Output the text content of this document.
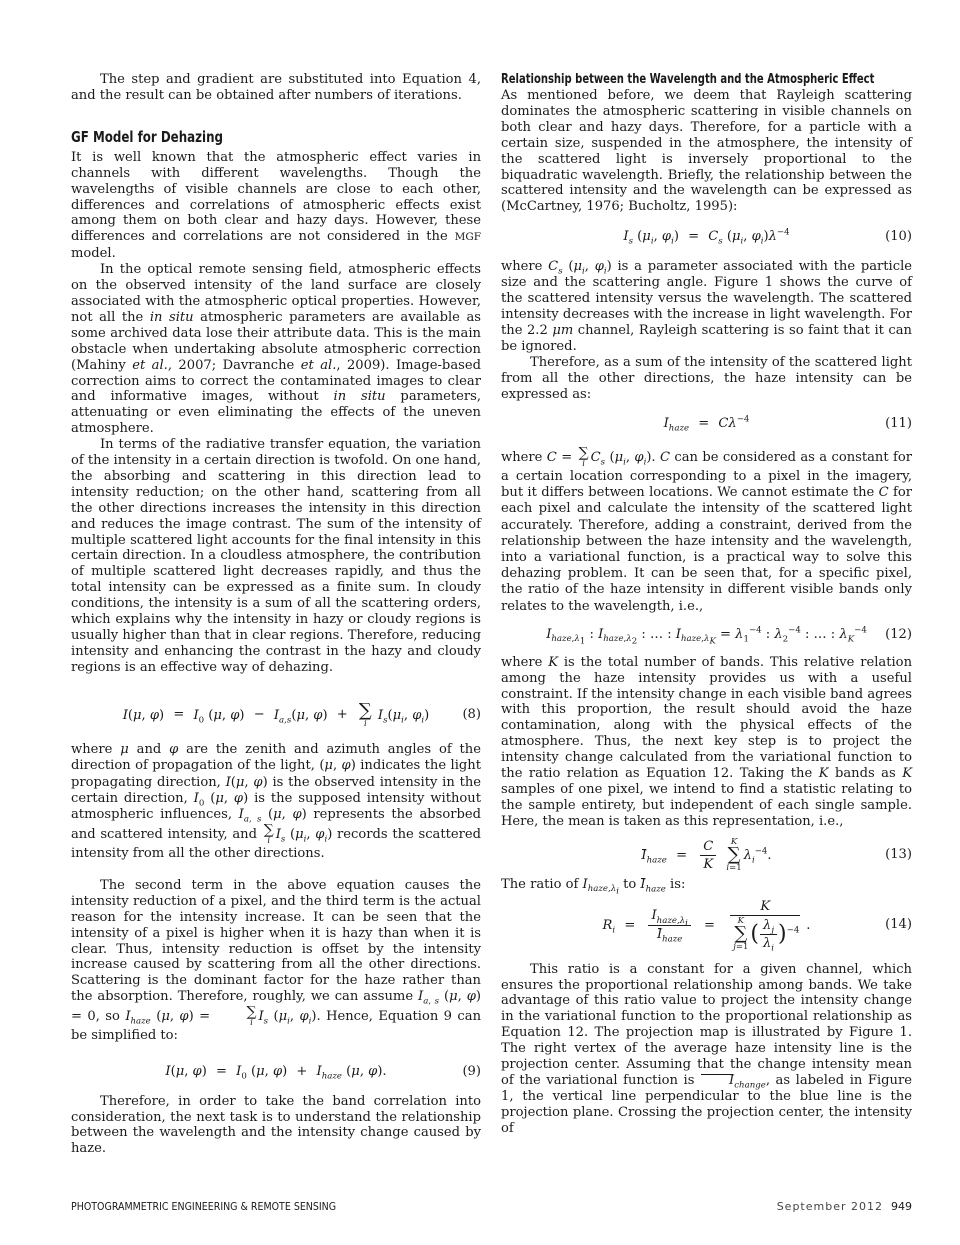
The step and gradient are substituted into Equation 4, and the result can be obtained after numbers of iterations.

GF Model for Dehazing

It is well known that the atmospheric effect varies in channels with different wavelengths. Though the wavelengths of visible channels are close to each other, differences and correlations of atmospheric effects exist among them on both clear and hazy days. However, these differences and correlations are not considered in the MGF model.

In the optical remote sensing field, atmospheric effects on the observed intensity of the land surface are closely associated with the atmospheric optical properties. However, not all the in situ atmospheric parameters are available as some archived data lose their attribute data. This is the main obstacle when undertaking absolute atmospheric correction (Mahiny et al., 2007; Davranche et al., 2009). Image-based correction aims to correct the contaminated images to clear and informative images, without in situ parameters, attenuating or even eliminating the effects of the uneven atmosphere.

In terms of the radiative transfer equation, the variation of the intensity in a certain direction is twofold. On one hand, the absorbing and scattering in this direction lead to intensity reduction; on the other hand, scattering from all the other directions increases the intensity in this direction and reduces the image contrast. The sum of the intensity of multiple scattered light accounts for the final intensity in this certain direction. In a cloudless atmosphere, the contribution of multiple scattered light decreases rapidly, and thus the total intensity can be expressed as a finite sum. In cloudy conditions, the intensity is a sum of all the scattering orders, which explains why the intensity in hazy or cloudy regions is usually higher than that in clear regions. Therefore, reducing intensity and enhancing the contrast in the hazy and cloudy regions is an effective way of dehazing.

I(μ, $\varphi) = I_0$ (μ, $\varphi) - I_{a,s}(\mu$, φ) + ∑
i
$I_s(\mu_i$, $\varphi_i$)	(8)

where μ and φ are the zenith and azimuth angles of the direction of propagation of the light, (μ, φ) indicates the light propagating direction, I(μ, φ) is the observed intensity in the certain direction, $I_0$ (μ, φ) is the supposed intensity without atmospheric influences, $I_{a, s}$ (μ, φ) represents the absorbed and scattered intensity, and ∑
i $I_s$ ($\mu_i$, $\varphi_i$) records the scattered intensity from all the other directions.

The second term in the above equation causes the intensity reduction of a pixel, and the third term is the actual reason for the intensity increase. It can be seen that the intensity of a pixel is higher when it is hazy than when it is clear. Thus, intensity reduction is offset by the intensity increase caused by scattering from all the other directions. Scattering is the dominant factor for the haze rather than the absorption. Therefore, roughly, we can assume $I_{a, s}$ (μ, φ) = 0, so $I_{haze}$ (μ, φ) =	∑
i $I_s$ ($\mu_i$, $\varphi_i$). Hence, Equation 9 can be simplified to:

I(μ, $\varphi) = I_0$ (μ, $\varphi) + I_{haze}$ (μ, φ).	(9)

Therefore, in order to take the band correlation into consideration, the next task is to understand the relationship between the wavelength and the intensity change caused by haze.

Relationship between the Wavelength and the Atmospheric Effect

As mentioned before, we deem that Rayleigh scattering dominates the atmospheric scattering in visible channels on both clear and hazy days. Therefore, for a particle with a certain size, suspended in the atmosphere, the intensity of the scattered light is inversely proportional to the biquadratic wavelength. Briefly, the relationship between the scattered intensity and the wavelength can be expressed as (McCartney, 1976; Bucholtz, 1995):

$I_s$ ($\mu_i$, $\varphi_i) = C_s$ ($\mu_i$, $\varphi_i)\lambda^{-4}$	(10)

where $C_s$ ($\mu_i$, $\varphi_i$) is a parameter associated with the particle size and the scattering angle. Figure 1 shows the curve of the scattered intensity versus the wavelength. The scattered intensity decreases with the increase in light wavelength. For the 2.2 μm channel, Rayleigh scattering is so faint that it can be ignored.

Therefore, as a sum of the intensity of the scattered light from all the other directions, the haze intensity can be expressed as:

$I_{haze} = C\lambda^{-4}$	(11)

where C = ∑
i $C_s$ ($\mu_i$, $\varphi_i$). C can be considered as a constant for a certain location corresponding to a pixel in the imagery, but it differs between locations. We cannot estimate the C for each pixel and calculate the intensity of the scattered light accurately. Therefore, adding a constraint, derived from the relationship between the haze intensity and the wavelength, into a variational function, is a practical way to solve this dehazing problem. It can be seen that, for a specific pixel, the ratio of the haze intensity in different visible bands only relates to the wavelength, i.e.,

$I_{haze,\lambda_1}$ : $I_{haze,\lambda_2}$ : … : $I_{haze,\lambda_K} = \lambda_1^{-4}$ : $\lambda_2^{-4}$ : … : $\lambda_K^{-4}$ (12)

where K is the total number of bands. This relative relation among the haze intensity provides us with a useful constraint. If the intensity change in each visible band agrees with this proportion, the result should avoid the haze contamination, along with the physical effects of the atmosphere. Thus, the next key step is to project the intensity change calculated from the variational function to the ratio relation as Equation 12. Taking the K bands as K samples of one pixel, we intend to find a statistic relating to the sample entirety, but independent of each single sample. Here, the mean is taken as this representation, i.e.,

I
$_{haze} = \frac{C}{K}$
K
∑
i=1
$\lambda_i^{-4}$.	(13)

The ratio of $I_{haze,\lambda_i}$ to I
$_{haze}$ is:

$R_i = I_{haze,\lambda_i}$
I
$_{haze}$ = K
K
∑
j=1
( $\frac{\lambda_j}{\lambda_i} )^{-4}$ .	(14)

This ratio is a constant for a given channel, which ensures the proportional relationship among bands. We take advantage of this ratio value to project the intensity change in the variational function to the proportional relationship as Equation 12. The projection map is illustrated by Figure 1. The right vertex of the average haze intensity line is the projection center. Assuming that the change intensity mean of the variational function is I
$_{change}$, as labeled in Figure 1, the vertical line perpendicular to the blue line is the projection plane. Crossing the projection center, the intensity of

PHOTOGRAMMETRIC ENGINEERING & REMOTE SENSING	September 2012 949
